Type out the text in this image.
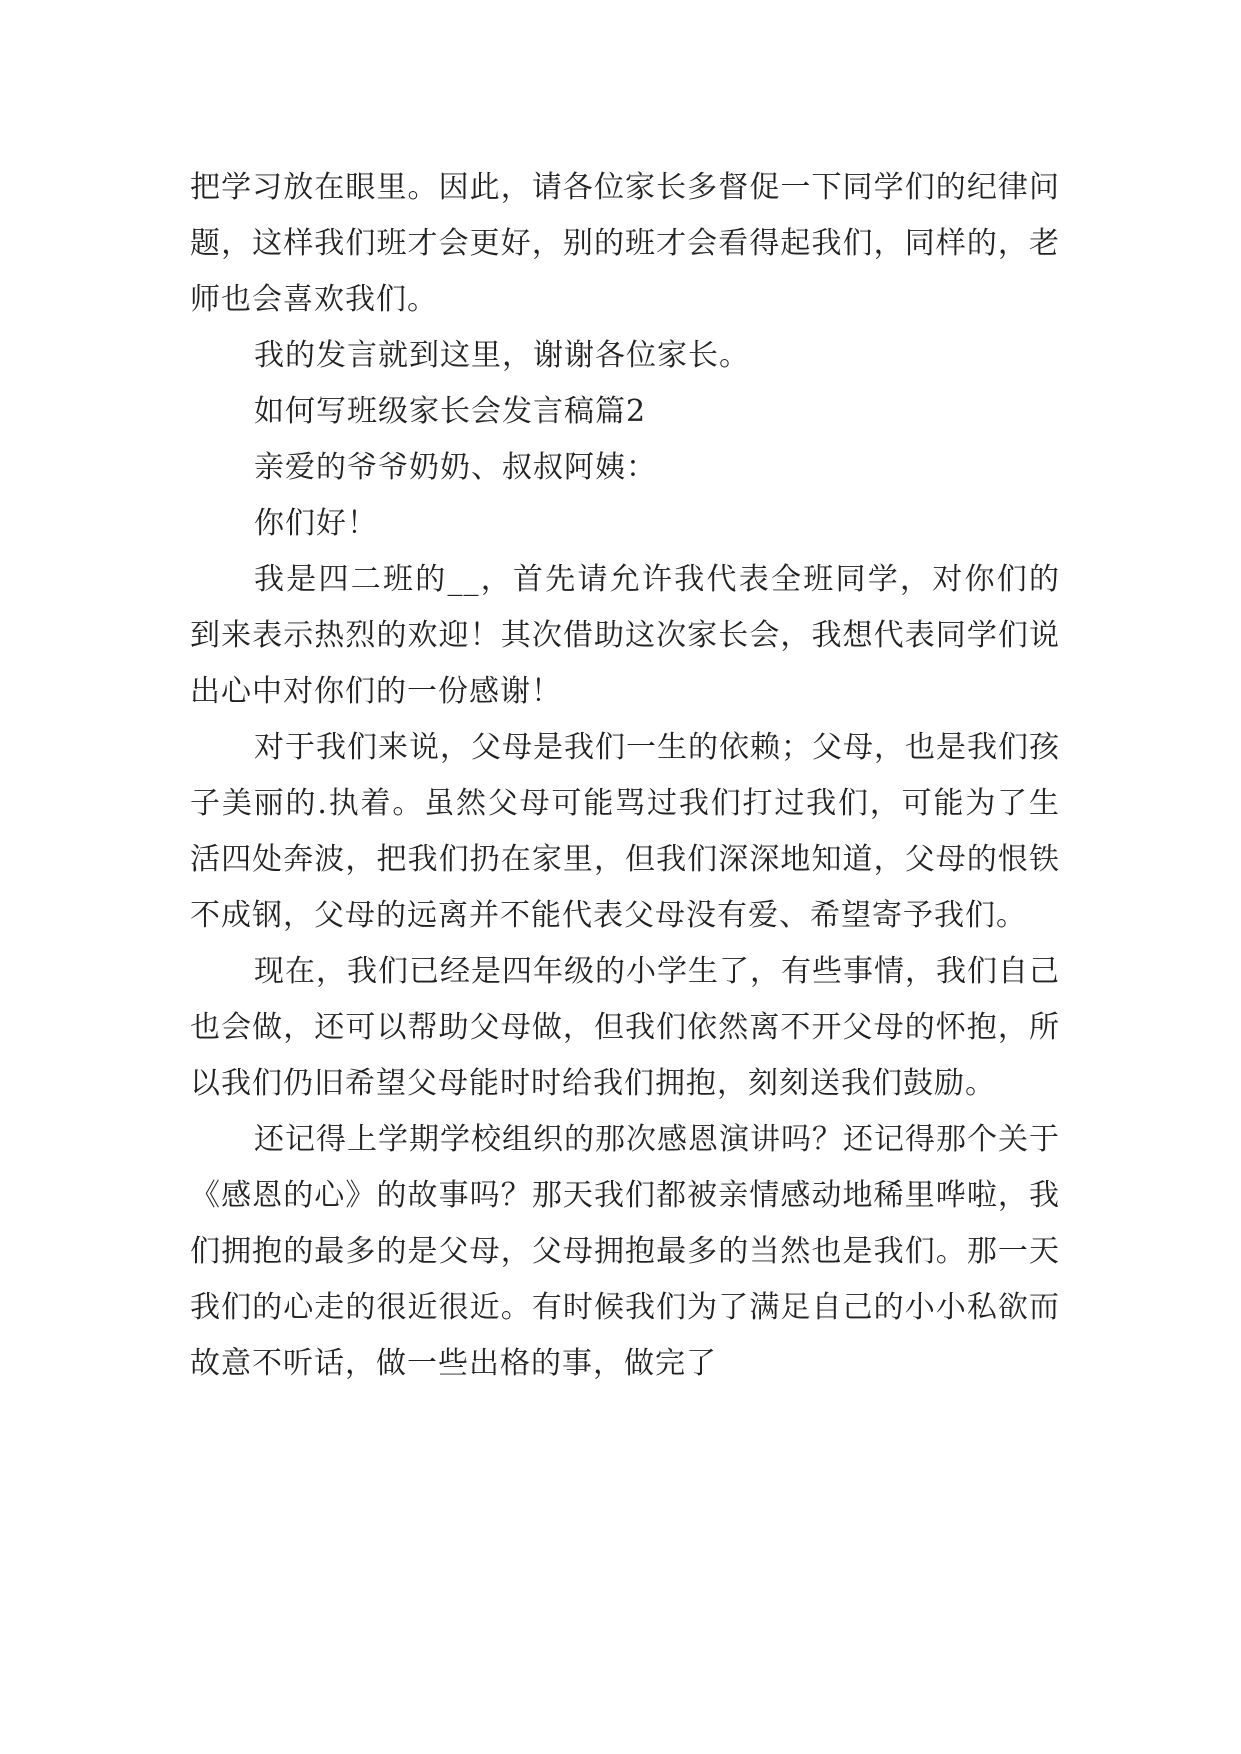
把学习放在眼里。因此，请各位家长多督促一下同学们的纪律问题，这样我们班才会更好，别的班才会看得起我们，同样的，老师也会喜欢我们。

我的发言就到这里，谢谢各位家长。

如何写班级家长会发言稿篇2

亲爱的爷爷奶奶、叔叔阿姨：

你们好！

我是四二班的__，首先请允许我代表全班同学，对你们的到来表示热烈的欢迎！其次借助这次家长会，我想代表同学们说出心中对你们的一份感谢！

对于我们来说，父母是我们一生的依赖；父母，也是我们孩子美丽的.执着。虽然父母可能骂过我们打过我们，可能为了生活四处奔波，把我们扔在家里，但我们深深地知道，父母的恨铁不成钢，父母的远离并不能代表父母没有爱、希望寄予我们。

现在，我们已经是四年级的小学生了，有些事情，我们自己也会做，还可以帮助父母做，但我们依然离不开父母的怀抱，所以我们仍旧希望父母能时时给我们拥抱，刻刻送我们鼓励。

还记得上学期学校组织的那次感恩演讲吗？还记得那个关于《感恩的心》的故事吗？那天我们都被亲情感动地稀里哗啦，我们拥抱的最多的是父母，父母拥抱最多的当然也是我们。那一天我们的心走的很近很近。有时候我们为了满足自己的小小私欲而故意不听话，做一些出格的事，做完了
